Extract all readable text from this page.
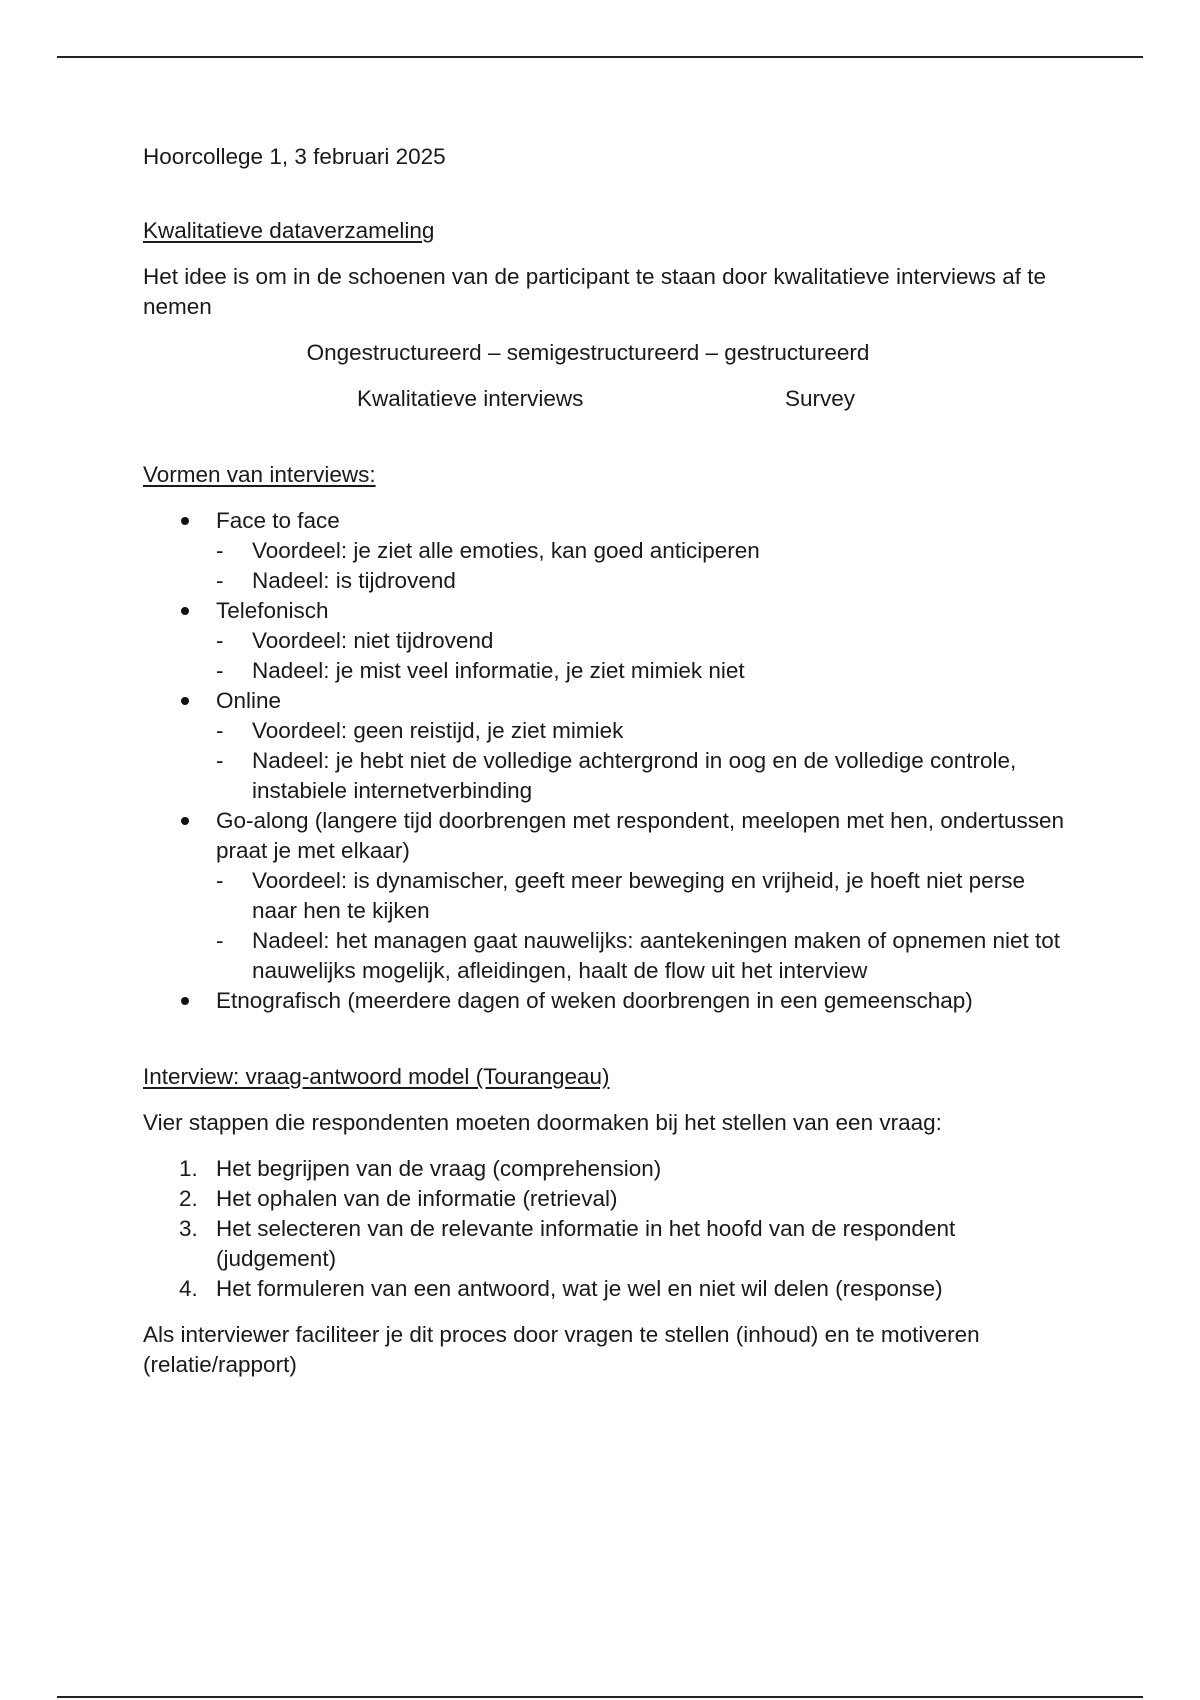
Hoorcollege 1, 3 februari 2025

Kwalitatieve dataverzameling

Het idee is om in de schoenen van de participant te staan door kwalitatieve interviews af te nemen

Ongestructureerd – semigestructureerd – gestructureerd

Kwalitatieve interviews	Survey

Vormen van interviews:

Face to face
- Voordeel: je ziet alle emoties, kan goed anticiperen
- Nadeel: is tijdrovend
Telefonisch
- Voordeel: niet tijdrovend
- Nadeel: je mist veel informatie, je ziet mimiek niet
Online
- Voordeel: geen reistijd, je ziet mimiek
- Nadeel: je hebt niet de volledige achtergrond in oog en de volledige controle, instabiele internetverbinding
Go-along (langere tijd doorbrengen met respondent, meelopen met hen, ondertussen praat je met elkaar)
- Voordeel: is dynamischer, geeft meer beweging en vrijheid, je hoeft niet perse naar hen te kijken
- Nadeel: het managen gaat nauwelijks: aantekeningen maken of opnemen niet tot nauwelijks mogelijk, afleidingen, haalt de flow uit het interview
Etnografisch (meerdere dagen of weken doorbrengen in een gemeenschap)

Interview: vraag-antwoord model (Tourangeau)

Vier stappen die respondenten moeten doormaken bij het stellen van een vraag:

1. Het begrijpen van de vraag (comprehension)
2. Het ophalen van de informatie (retrieval)
3. Het selecteren van de relevante informatie in het hoofd van de respondent (judgement)
4. Het formuleren van een antwoord, wat je wel en niet wil delen (response)

Als interviewer faciliteer je dit proces door vragen te stellen (inhoud) en te motiveren (relatie/rapport)
